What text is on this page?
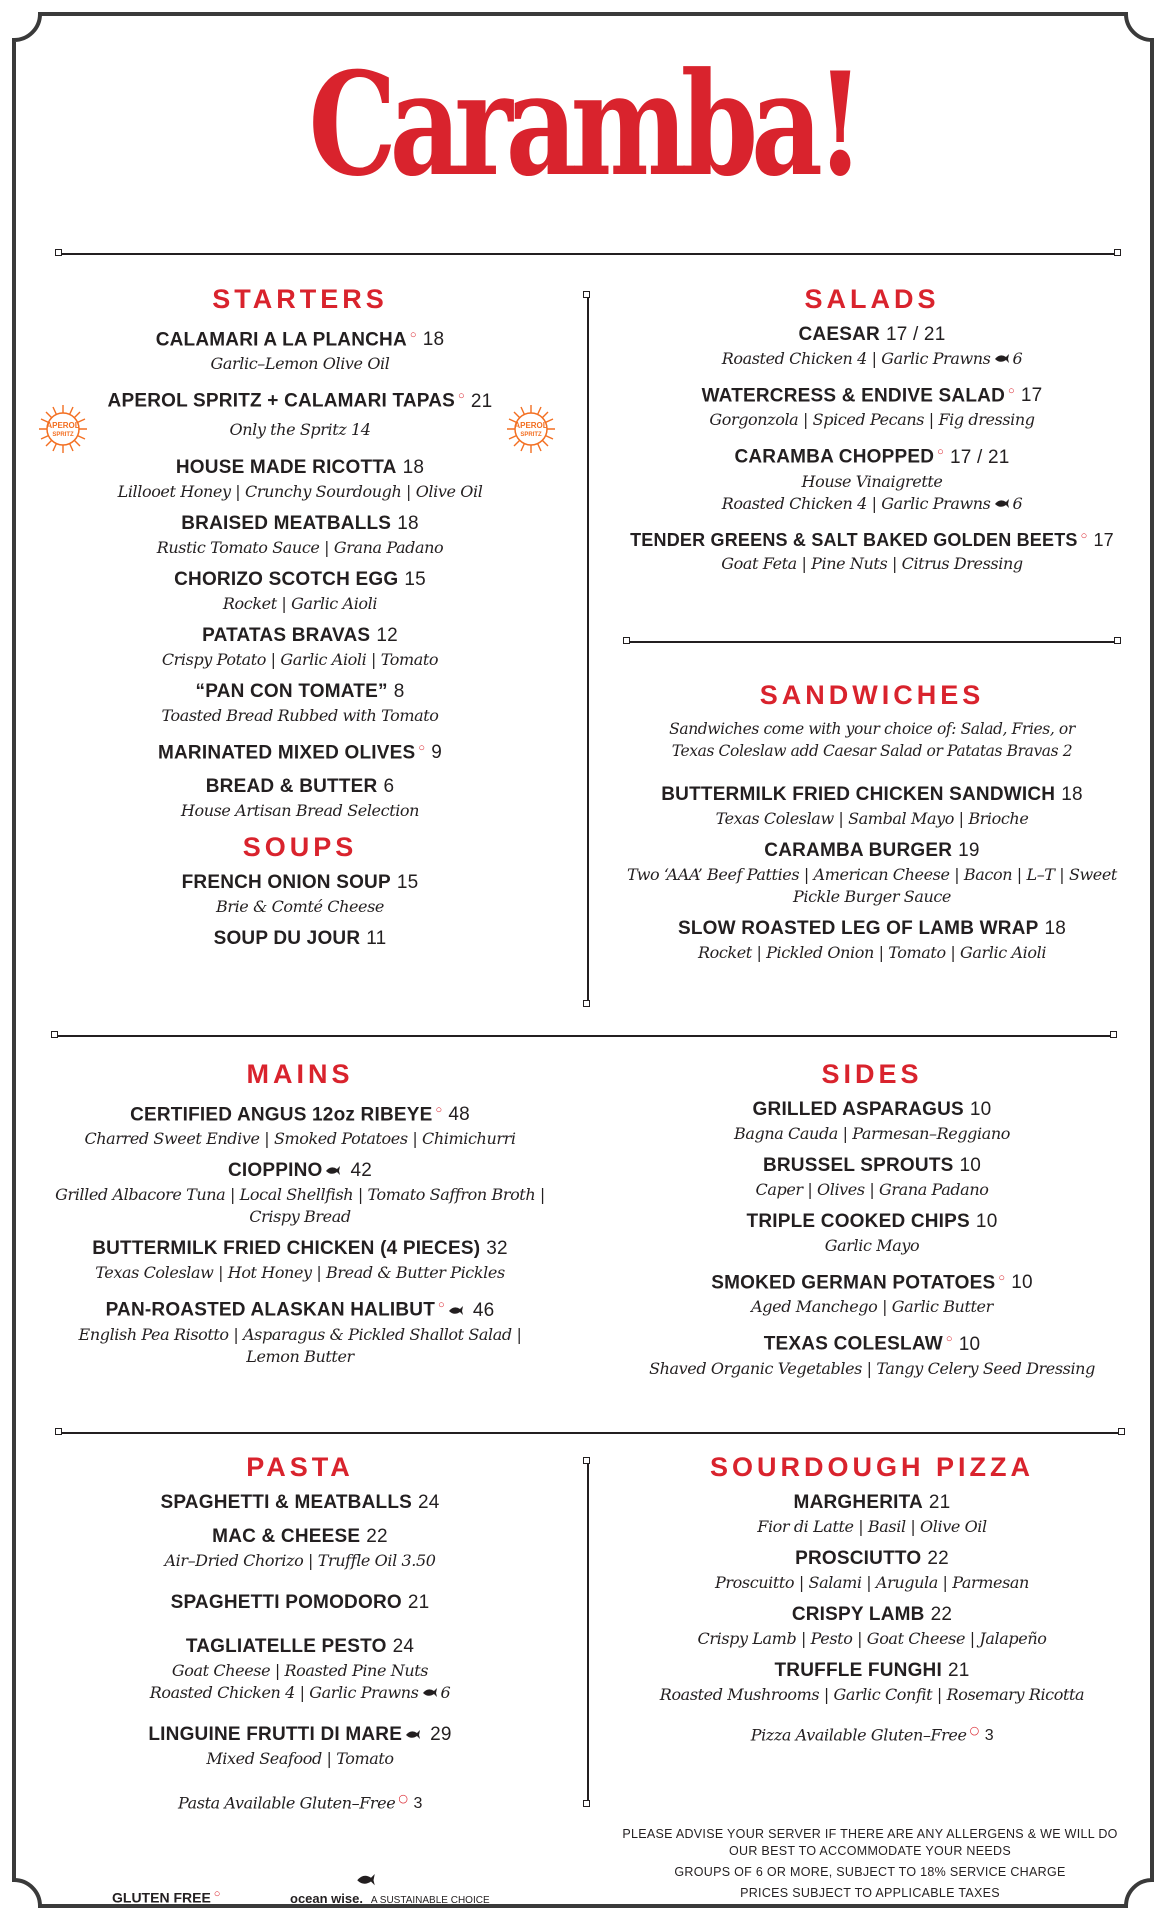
Caramba!
APEROL
SPRITZ
APEROL
SPRITZ
STARTERS
CALAMARI A LA PLANCHA ○ 18
Garlic–Lemon Olive Oil
APEROL SPRITZ + CALAMARI TAPAS ○ 21
Only the Spritz 14
HOUSE MADE RICOTTA 18
Lillooet Honey | Crunchy Sourdough | Olive Oil
BRAISED MEATBALLS 18
Rustic Tomato Sauce | Grana Padano
CHORIZO SCOTCH EGG 15
Rocket | Garlic Aioli
PATATAS BRAVAS 12
Crispy Potato | Garlic Aioli | Tomato
“PAN CON TOMATE” 8
Toasted Bread Rubbed with Tomato
MARINATED MIXED OLIVES ○ 9
BREAD & BUTTER 6
House Artisan Bread Selection
SOUPS
FRENCH ONION SOUP 15
Brie & Comté Cheese
SOUP DU JOUR 11
SALADS
CAESAR 17 / 21
Roasted Chicken 4 | Garlic Prawns 6
WATERCRESS & ENDIVE SALAD ○ 17
Gorgonzola | Spiced Pecans | Fig dressing
CARAMBA CHOPPED ○ 17 / 21
House Vinaigrette
Roasted Chicken 4 | Garlic Prawns 6
TENDER GREENS & SALT BAKED GOLDEN BEETS ○ 17
Goat Feta | Pine Nuts | Citrus Dressing
SANDWICHES
Sandwiches come with your choice of: Salad, Fries, or Texas Coleslaw add Caesar Salad or Patatas Bravas 2
BUTTERMILK FRIED CHICKEN SANDWICH 18
Texas Coleslaw | Sambal Mayo | Brioche
CARAMBA BURGER 19
Two ‘AAA’ Beef Patties | American Cheese | Bacon | L–T | Sweet Pickle Burger Sauce
SLOW ROASTED LEG OF LAMB WRAP 18
Rocket | Pickled Onion | Tomato | Garlic Aioli
MAINS
CERTIFIED ANGUS 12oz RIBEYE ○ 48
Charred Sweet Endive | Smoked Potatoes | Chimichurri
CIOPPINO 42
Grilled Albacore Tuna | Local Shellfish | Tomato Saffron Broth | Crispy Bread
BUTTERMILK FRIED CHICKEN (4 PIECES) 32
Texas Coleslaw | Hot Honey | Bread & Butter Pickles
PAN-ROASTED ALASKAN HALIBUT ○ 46
English Pea Risotto | Asparagus & Pickled Shallot Salad | Lemon Butter
SIDES
GRILLED ASPARAGUS 10
Bagna Cauda | Parmesan–Reggiano
BRUSSEL SPROUTS 10
Caper | Olives | Grana Padano
TRIPLE COOKED CHIPS 10
Garlic Mayo
SMOKED GERMAN POTATOES ○ 10
Aged Manchego | Garlic Butter
TEXAS COLESLAW ○ 10
Shaved Organic Vegetables | Tangy Celery Seed Dressing
PASTA
SPAGHETTI & MEATBALLS 24
MAC & CHEESE 22
Air–Dried Chorizo | Truffle Oil 3.50
SPAGHETTI POMODORO 21
TAGLIATELLE PESTO 24
Goat Cheese | Roasted Pine Nuts
Roasted Chicken 4 | Garlic Prawns 6
LINGUINE FRUTTI DI MARE 29
Mixed Seafood | Tomato
Pasta Available Gluten–Free ○ 3
SOURDOUGH PIZZA
MARGHERITA 21
Fior di Latte | Basil | Olive Oil
PROSCIUTTO 22
Proscuitto | Salami | Arugula | Parmesan
CRISPY LAMB 22
Crispy Lamb | Pesto | Goat Cheese | Jalapeño
TRUFFLE FUNGHI 21
Roasted Mushrooms | Garlic Confit | Rosemary Ricotta
Pizza Available Gluten–Free ○ 3
GLUTEN FREE ○	ocean wise. A SUSTAINABLE CHOICE
PLEASE ADVISE YOUR SERVER IF THERE ARE ANY ALLERGENS & WE WILL DO OUR BEST TO ACCOMMODATE YOUR NEEDS
GROUPS OF 6 OR MORE, SUBJECT TO 18% SERVICE CHARGE
PRICES SUBJECT TO APPLICABLE TAXES
